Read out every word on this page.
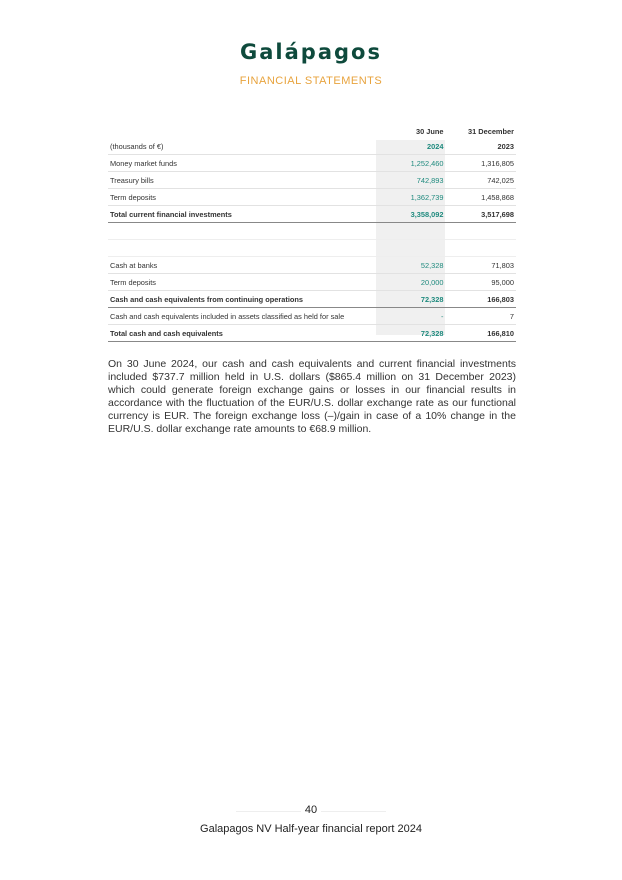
Galápagos
FINANCIAL STATEMENTS
	30 June	31 December
(thousands of €)	2024	2023
Money market funds	1,252,460	1,316,805
Treasury bills	742,893	742,025
Term deposits	1,362,739	1,458,868
Total current financial investments	3,358,092	3,517,698

Cash at banks	52,328	71,803
Term deposits	20,000	95,000
Cash and cash equivalents from continuing operations	72,328	166,803
Cash and cash equivalents included in assets classified as held for sale	-	7
Total cash and cash equivalents	72,328	166,810
On 30 June 2024, our cash and cash equivalents and current financial investments included $737.7 million held in U.S. dollars ($865.4 million on 31 December 2023) which could generate foreign exchange gains or losses in our financial results in accordance with the fluctuation of the EUR/U.S. dollar exchange rate as our functional currency is EUR. The foreign exchange loss (–)/gain in case of a 10% change in the EUR/U.S. dollar exchange rate amounts to €68.9 million.
40
Galapagos NV Half-year financial report 2024
